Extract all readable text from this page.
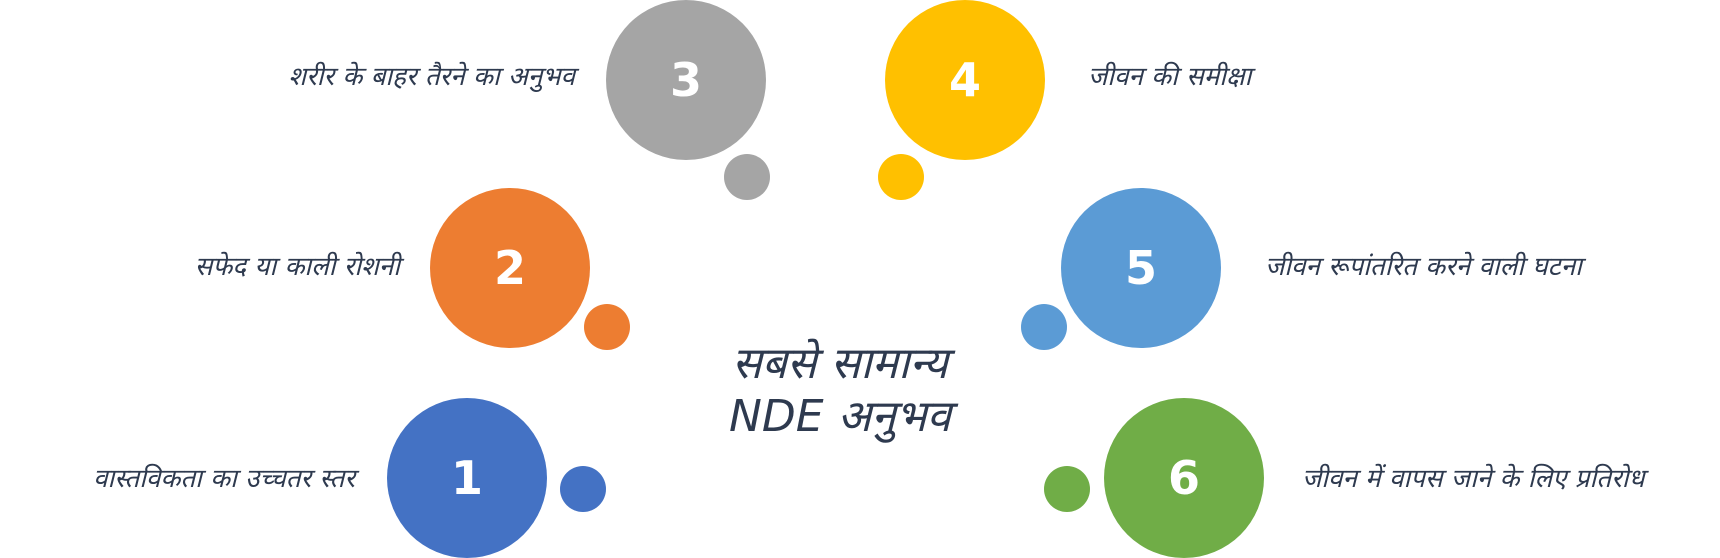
वास्तविकता का उच्चतर स्तर 1
सफेद या काली रोशनी 2
शरीर के बाहर तैरने का अनुभव 3	4	जीवन की समीक्षा
5	जीवन रूपांतरित करने वाली घटना
6	जीवन में वापस जाने के लिए प्रतिरोध
सबसे सामान्य
NDE अनुभव
